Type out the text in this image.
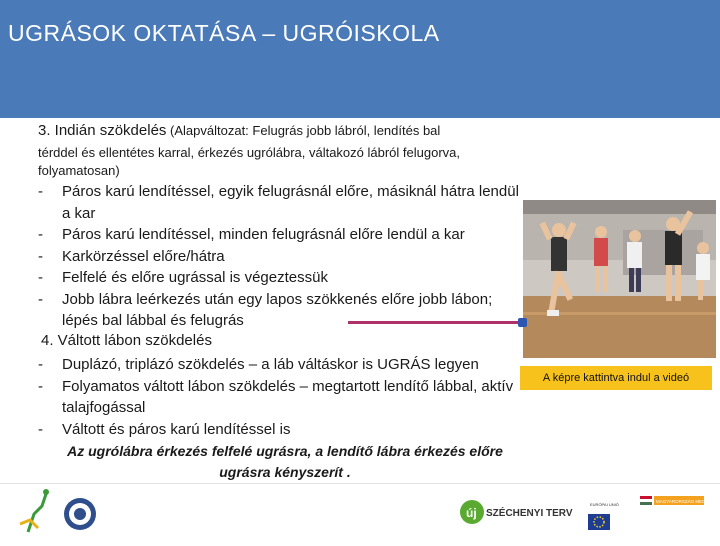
UGRÁSOK OKTATÁSA – UGRÓISKOLA
3. Indián szökdelés (Alapváltozat: Felugrás jobb lábról, lendítés bal
térddel és ellentétes karral, érkezés ugrólábra, váltakozó lábról felugorva, folyamatosan)
- Páros karú lendítéssel, egyik felugrásnál előre, másiknál hátra lendül a kar
- Páros karú lendítéssel, minden felugrásnál előre lendül a kar
- Karkörzéssel előre/hátra
- Felfelé és előre ugrással is végeztessük
- Jobb lábra leérkezés után egy lapos szökkenés előre jobb lábon; lépés bal lábbal és felugrás
4. Váltott lábon szökdelés
- Duplázó, triplázó szökdelés – a láb váltáskor is UGRÁS legyen
- Folyamatos váltott lábon szökdelés – megtartott lendítő lábbal, aktív talajfogással
- Váltott és páros karú lendítéssel is
Az ugrólábra érkezés felfelé ugrásra, a lendítő lábra érkezés előre ugrásra kényszerít .
A képre kattintva indul a videó
új SZÉCHENYI TERV
EURÓPAI UNIÓ
MAGYARORSZÁG MEGÚJUL
